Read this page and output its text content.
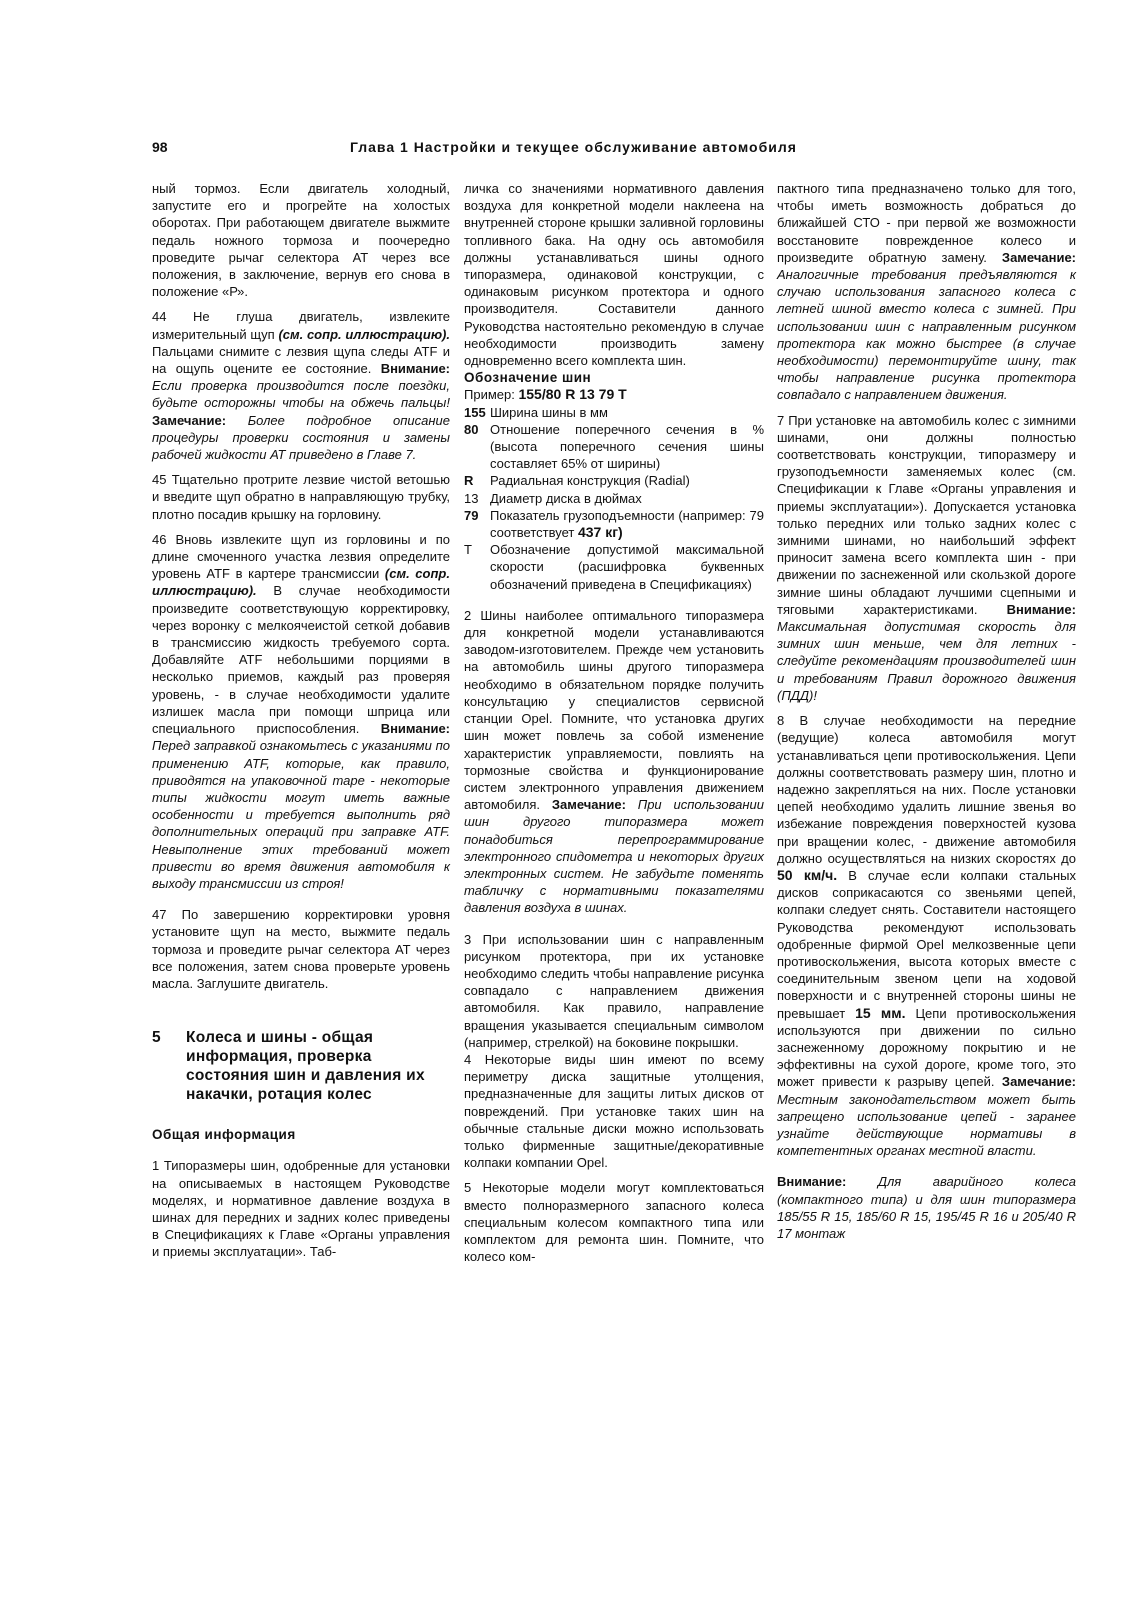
98	Глава 1 Настройки и текущее обслуживание автомобиля

ный тормоз. Если двигатель холодный, запустите его и прогрейте на холостых оборотах. При работающем двигателе выжмите педаль ножного тормоза и поочередно проведите рычаг селектора АТ через все положения, в заключение, вернув его снова в положение «Р».

44 Не глуша двигатель, извлеките измерительный щуп (см. сопр. иллюстрацию). Пальцами снимите с лезвия щупа следы ATF и на ощупь оцените ее состояние. Внимание: Если проверка производится после поездки, будьте осторожны чтобы на обжечь пальцы! Замечание: Более подробное описание процедуры проверки состояния и замены рабочей жидкости АТ приведено в Главе 7.

45 Тщательно протрите лезвие чистой ветошью и введите щуп обратно в направляющую трубку, плотно посадив крышку на горловину.

46 Вновь извлеките щуп из горловины и по длине смоченного участка лезвия определите уровень ATF в картере трансмиссии (см. сопр. иллюстрацию). В случае необходимости произведите соответствующую корректировку, через воронку с мелкоячеистой сеткой добавив в трансмиссию жидкость требуемого сорта. Добавляйте ATF небольшими порциями в несколько приемов, каждый раз проверяя уровень, - в случае необходимости удалите излишек масла при помощи шприца или специального приспособления. Внимание: Перед заправкой ознакомьтесь с указаниями по применению ATF, которые, как правило, приводятся на упаковочной таре - некоторые типы жидкости могут иметь важные особенности и требуется выполнить ряд дополнительных операций при заправке ATF. Невыполнение этих требований может привести во время движения автомобиля к выходу трансмиссии из строя!

47 По завершению корректировки уровня установите щуп на место, выжмите педаль тормоза и проведите рычаг селектора АТ через все положения, затем снова проверьте уровень масла. Заглушите двигатель.

5 Колеса и шины - общая информация, проверка состояния шин и давления их накачки, ротация колес
Общая информация

1 Типоразмеры шин, одобренные для установки на описываемых в настоящем Руководстве моделях, и нормативное давление воздуха в шинах для передних и задних колес приведены в Спецификациях к Главе «Органы управления и приемы эксплуатации». Таб-

личка со значениями нормативного давления воздуха для конкретной модели наклеена на внутренней стороне крышки заливной горловины топливного бака. На одну ось автомобиля должны устанавливаться шины одного типоразмера, одинаковой конструкции, с одинаковым рисунком протектора и одного производителя. Составители данного Руководства настоятельно рекомендую в случае необходимости производить замену одновременно всего комплекта шин.

Обозначение шин
Пример: 155/80 R 13 79 T
155 Ширина шины в мм
80 Отношение поперечного сечения в % (высота поперечного сечения шины составляет 65% от ширины)
R	Радиальная конструкция (Radial)
13 Диаметр диска в дюймах
79 Показатель грузоподъемности (например: 79 соответствует 437 кг)
T	Обозначение допустимой максимальной скорости (расшифровка буквенных обозначений приведена в Спецификациях)

2 Шины наиболее оптимального типоразмера для конкретной модели устанавливаются заводом-изготовителем. Прежде чем установить на автомобиль шины другого типоразмера необходимо в обязательном порядке получить консультацию у специалистов сервисной станции Opel. Помните, что установка других шин может повлечь за собой изменение характеристик управляемости, повлиять на тормозные свойства и функционирование систем электронного управления движением автомобиля. Замечание: При использовании шин другого типоразмера может понадобиться перепрограммирование электронного спидометра и некоторых других электронных систем. Не забудьте поменять табличку с нормативными показателями давления воздуха в шинах.

3 При использовании шин с направленным рисунком протектора, при их установке необходимо следить чтобы направление рисунка совпадало с направлением движения автомобиля. Как правило, направление вращения указывается специальным символом (например, стрелкой) на боковине покрышки.

4 Некоторые виды шин имеют по всему периметру диска защитные утолщения, предназначенные для защиты литых дисков от повреждений. При установке таких шин на обычные стальные диски можно использовать только фирменные защитные/декоративные колпаки компании Opel.

5 Некоторые модели могут комплектоваться вместо полноразмерного запасного колеса специальным колесом компактного типа или комплектом для ремонта шин. Помните, что колесо ком-

пактного типа предназначено только для того, чтобы иметь возможность добраться до ближайшей СТО - при первой же возможности восстановите поврежденное колесо и произведите обратную замену. Замечание: Аналогичные требования предъявляются к случаю использования запасного колеса с летней шиной вместо колеса с зимней. При использовании шин с направленным рисунком протектора как можно быстрее (в случае необходимости) перемонтируйте шину, так чтобы направление рисунка протектора совпадало с направлением движения.

7 При установке на автомобиль колес с зимними шинами, они должны полностью соответствовать конструкции, типоразмеру и грузоподъемности заменяемых колес (см. Спецификации к Главе «Органы управления и приемы эксплуатации»). Допускается установка только передних или только задних колес с зимними шинами, но наибольший эффект приносит замена всего комплекта шин - при движении по заснеженной или скользкой дороге зимние шины обладают лучшими сцепными и тяговыми характеристиками. Внимание: Максимальная допустимая скорость для зимних шин меньше, чем для летних - следуйте рекомендациям производителей шин и требованиям Правил дорожного движения (ПДД)!

8 В случае необходимости на передние (ведущие) колеса автомобиля могут устанавливаться цепи противоскольжения. Цепи должны соответствовать размеру шин, плотно и надежно закрепляться на них. После установки цепей необходимо удалить лишние звенья во избежание повреждения поверхностей кузова при вращении колес, - движение автомобиля должно осуществляться на низких скоростях до 50 км/ч. В случае если колпаки стальных дисков соприкасаются со звеньями цепей, колпаки следует снять. Составители настоящего Руководства рекомендуют использовать одобренные фирмой Opel мелкозвенные цепи противоскольжения, высота которых вместе с соединительным звеном цепи на ходовой поверхности и с внутренней стороны шины не превышает 15 мм. Цепи противоскольжения используются при движении по сильно заснеженному дорожному покрытию и не эффективны на сухой дороге, кроме того, это может привести к разрыву цепей. Замечание: Местным законодательством может быть запрещено использование цепей - заранее узнайте действующие нормативы в компетентных органах местной власти.

Внимание: Для аварийного колеса (компактного типа) и для шин типоразмера 185/55 R 15, 185/60 R 15, 195/45 R 16 и 205/40 R 17 монтаж
